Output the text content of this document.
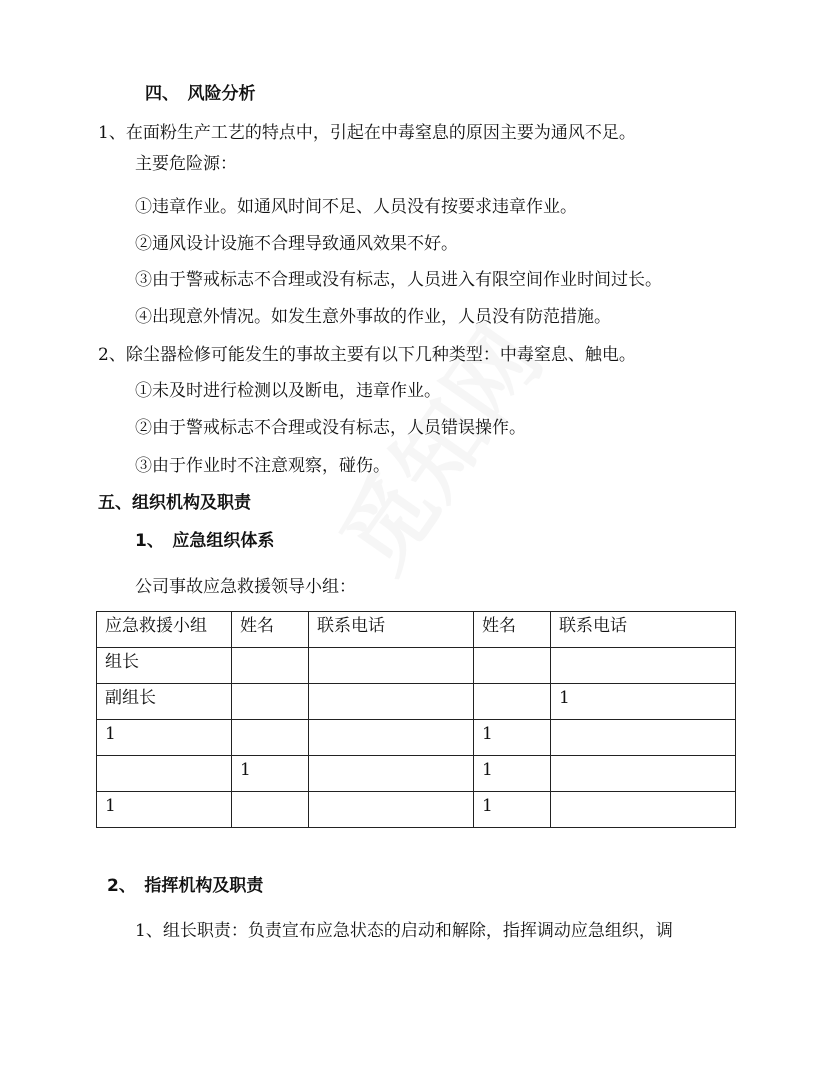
四、　风险分析
1、在面粉生产工艺的特点中，引起在中毒窒息的原因主要为通风不足。
主要危险源：
①违章作业。如通风时间不足、人员没有按要求违章作业。
②通风设计设施不合理导致通风效果不好。
③由于警戒标志不合理或没有标志，人员进入有限空间作业时间过长。
④出现意外情况。如发生意外事故的作业，人员没有防范措施。
2、除尘器检修可能发生的事故主要有以下几种类型：中毒窒息、触电。
①未及时进行检测以及断电，违章作业。
②由于警戒标志不合理或没有标志，人员错误操作。
③由于作业时不注意观察，碰伤。
五、组织机构及职责
1、　应急组织体系
公司事故应急救援领导小组：
应急救援小组	姓名	联系电话	姓名	联系电话
组长				
副组长				1
1			1	
	1		1	
1			1	
2、　指挥机构及职责
1、组长职责：负责宣布应急状态的启动和解除，指挥调动应急组织，调
